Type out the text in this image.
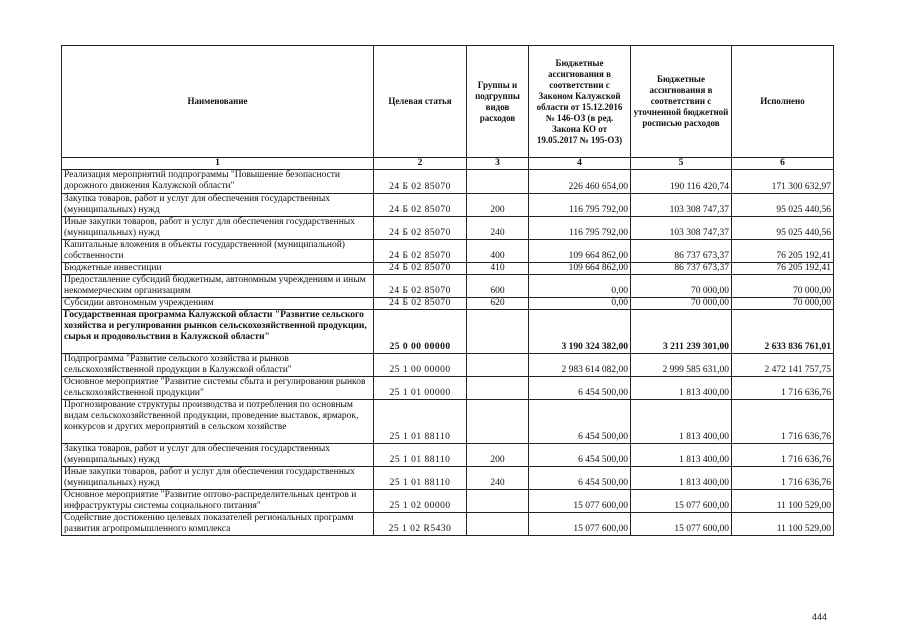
Наименование	Целевая статья	Группы и подгруппы видов расходов	Бюджетные ассигнования в соответствии с Законом Калужской области от 15.12.2016 № 146-ОЗ (в ред. Закона КО от 19.05.2017 № 195-ОЗ)	Бюджетные ассигнования в соответствии с уточненной бюджетной росписью расходов	Исполнено
1	2	3	4	5	6
Реализация мероприятий подпрограммы "Повышение безопасности дорожного движения Калужской области"	24 Б 02 85070		226 460 654,00	190 116 420,74	171 300 632,97
Закупка товаров, работ и услуг для обеспечения государственных (муниципальных) нужд	24 Б 02 85070	200	116 795 792,00	103 308 747,37	95 025 440,56
Иные закупки товаров, работ и услуг для обеспечения государственных (муниципальных) нужд	24 Б 02 85070	240	116 795 792,00	103 308 747,37	95 025 440,56
Капитальные вложения в объекты государственной (муниципальной) собственности	24 Б 02 85070	400	109 664 862,00	86 737 673,37	76 205 192,41
Бюджетные инвестиции	24 Б 02 85070	410	109 664 862,00	86 737 673,37	76 205 192,41
Предоставление субсидий бюджетным, автономным учреждениям и иным некоммерческим организациям	24 Б 02 85070	600	0,00	70 000,00	70 000,00
Субсидии автономным учреждениям	24 Б 02 85070	620	0,00	70 000,00	70 000,00
Государственная программа Калужской области "Развитие сельского хозяйства и регулирования рынков сельскохозяйственной продукции, сырья и продовольствия в Калужской области"	25 0 00 00000		3 190 324 382,00	3 211 239 301,00	2 633 836 761,01
Подпрограмма "Развитие сельского хозяйства и рынков сельскохозяйственной продукции в Калужской области"	25 1 00 00000		2 983 614 082,00	2 999 585 631,00	2 472 141 757,75
Основное мероприятие "Развитие системы сбыта и регулирования рынков сельскохозяйственной продукции"	25 1 01 00000		6 454 500,00	1 813 400,00	1 716 636,76
Прогнозирование структуры производства и потребления по основным видам сельскохозяйственной продукции, проведение выставок, ярмарок, конкурсов и других мероприятий в сельском хозяйстве	25 1 01 88110		6 454 500,00	1 813 400,00	1 716 636,76
Закупка товаров, работ и услуг для обеспечения государственных (муниципальных) нужд	25 1 01 88110	200	6 454 500,00	1 813 400,00	1 716 636,76
Иные закупки товаров, работ и услуг для обеспечения государственных (муниципальных) нужд	25 1 01 88110	240	6 454 500,00	1 813 400,00	1 716 636,76
Основное мероприятие "Развитие оптово-распределительных центров и инфраструктуры системы социального питания"	25 1 02 00000		15 077 600,00	15 077 600,00	11 100 529,00
Содействие достижению целевых показателей региональных программ развития агропромышленного комплекса	25 1 02 R5430		15 077 600,00	15 077 600,00	11 100 529,00
444
